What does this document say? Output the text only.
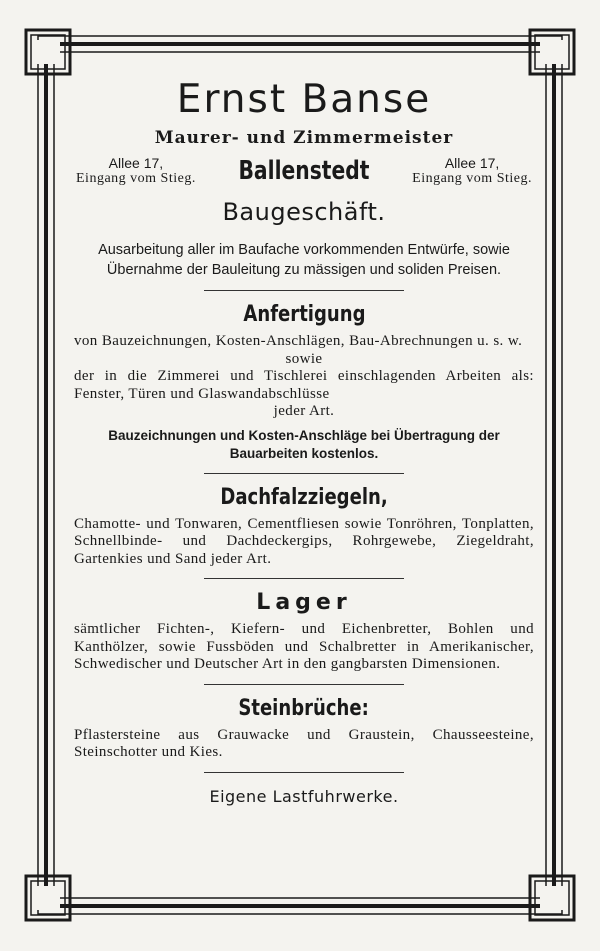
Ernst Banse
Maurer- und Zimmermeister
Allee 17,
Eingang vom Stieg. Ballenstedt	Allee 17,
Eingang vom Stieg.
Baugeschäft.
Ausarbeitung aller im Baufache vorkommenden Entwürfe, sowie Übernahme der Bauleitung zu mässigen und soliden Preisen.
Anfertigung
von Bauzeichnungen, Kosten-Anschlägen, Bau-Abrechnungen u. s. w.
sowie
der in die Zimmerei und Tischlerei einschlagenden Arbeiten als: Fenster, Türen und Glaswandabschlüsse
jeder Art.
Bauzeichnungen und Kosten-Anschläge bei Übertragung der Bauarbeiten kostenlos.
Dachfalzziegeln,
Chamotte- und Tonwaren, Cementfliesen sowie Tonröhren, Tonplatten, Schnellbinde- und Dachdeckergips, Rohrgewebe, Ziegeldraht, Gartenkies und Sand jeder Art.
Lager
sämtlicher Fichten-, Kiefern- und Eichenbretter, Bohlen und Kanthölzer, sowie Fussböden und Schalbretter in Amerikanischer, Schwedischer und Deutscher Art in den gangbarsten Dimensionen.
Steinbrüche:
Pflastersteine aus Grauwacke und Graustein, Chausseesteine, Steinschotter und Kies.
Eigene Lastfuhrwerke.
